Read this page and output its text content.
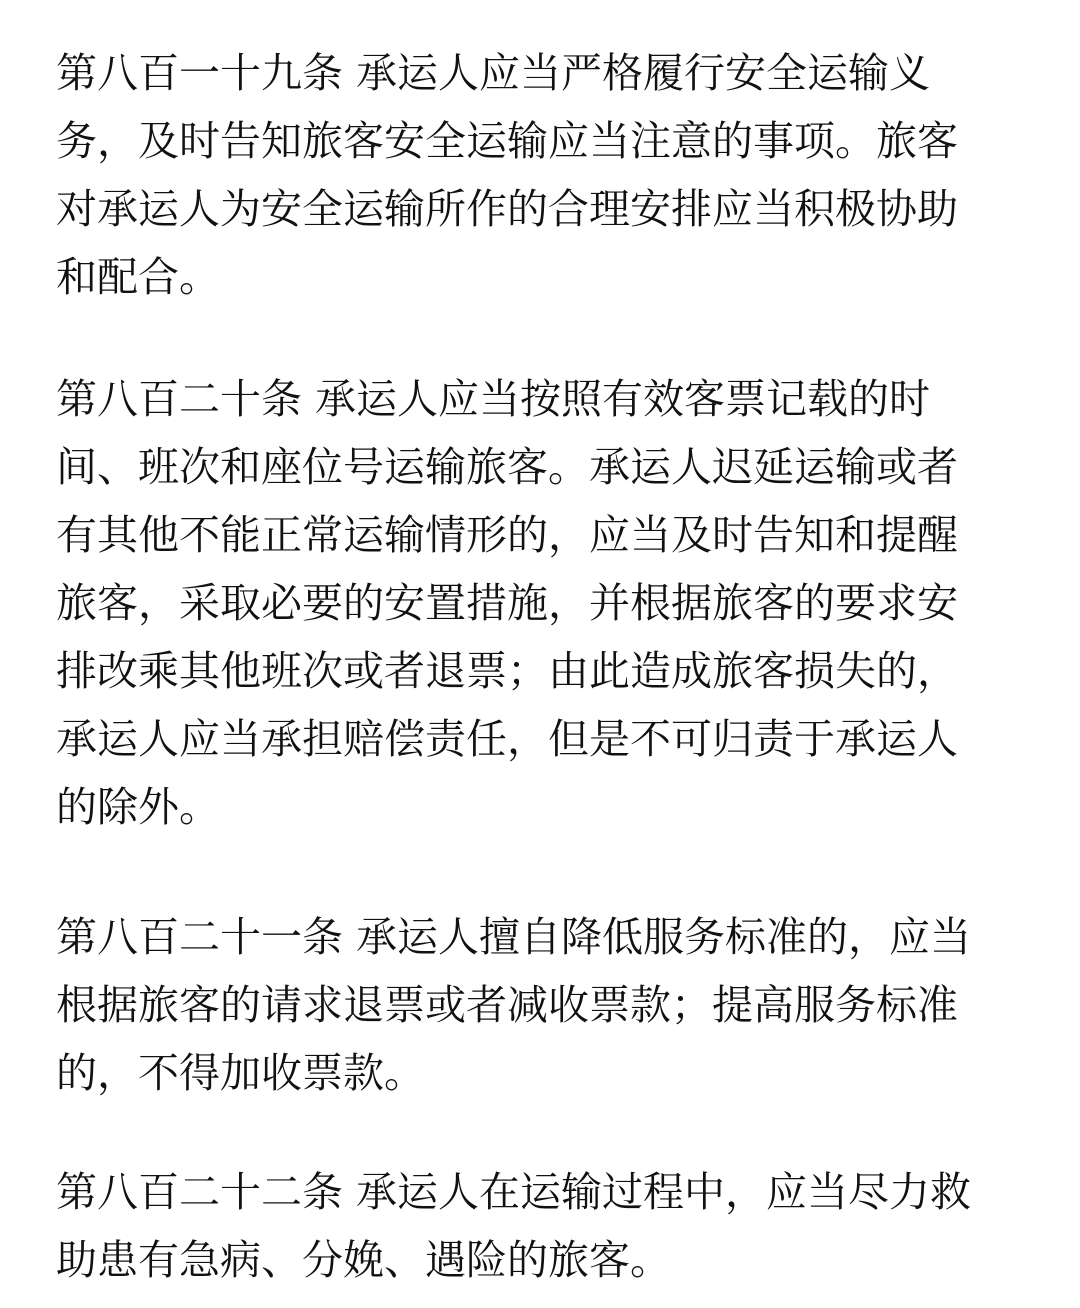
第八百一十九条 承运人应当严格履行安全运输义
务，及时告知旅客安全运输应当注意的事项。旅客
对承运人为安全运输所作的合理安排应当积极协助
和配合。
第八百二十条 承运人应当按照有效客票记载的时
间、班次和座位号运输旅客。承运人迟延运输或者
有其他不能正常运输情形的，应当及时告知和提醒
旅客，采取必要的安置措施，并根据旅客的要求安
排改乘其他班次或者退票；由此造成旅客损失的，
承运人应当承担赔偿责任，但是不可归责于承运人
的除外。
第八百二十一条 承运人擅自降低服务标准的，应当
根据旅客的请求退票或者减收票款；提高服务标准
的，不得加收票款。
第八百二十二条 承运人在运输过程中，应当尽力救
助患有急病、分娩、遇险的旅客。
